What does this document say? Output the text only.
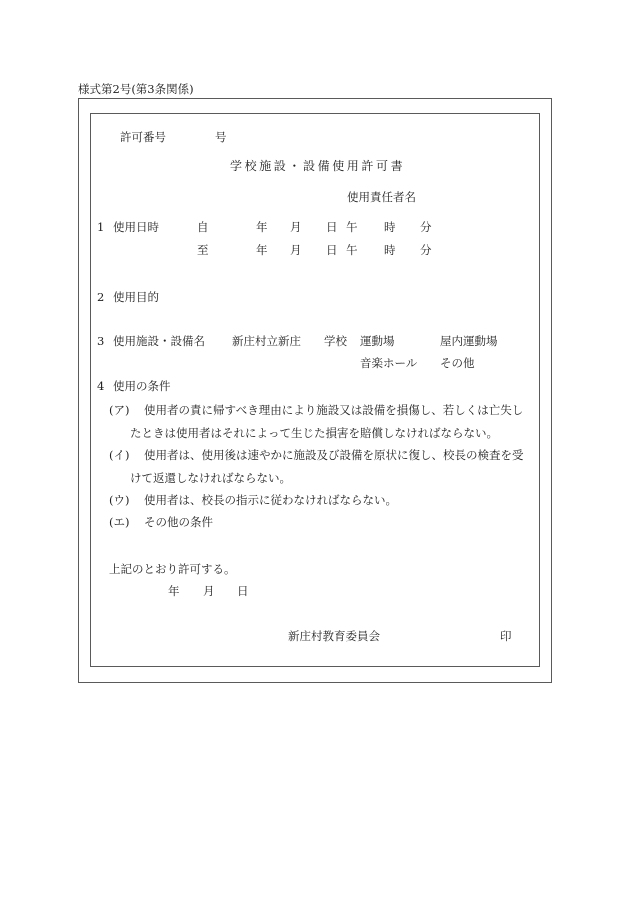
様式第2号(第3条関係)
許可番号	号
学校施設・設備使用許可書
使用責任者名
1 使用日時	自	年 月 日 午 時 分
至	年 月 日 午 時 分
2 使用目的
3 使用施設・設備名 新庄村立新庄 学校 運動場	屋内運動場
音楽ホール その他
4 使用の条件
(ア) 使用者の責に帰すべき理由により施設又は設備を損傷し、若しくは亡失し
たときは使用者はそれによって生じた損害を賠償しなければならない。
(イ) 使用者は、使用後は速やかに施設及び設備を原状に復し、校長の検査を受
けて返還しなければならない。
(ウ) 使用者は、校長の指示に従わなければならない。
(エ) その他の条件
上記のとおり許可する。
年 月 日
新庄村教育委員会	印
